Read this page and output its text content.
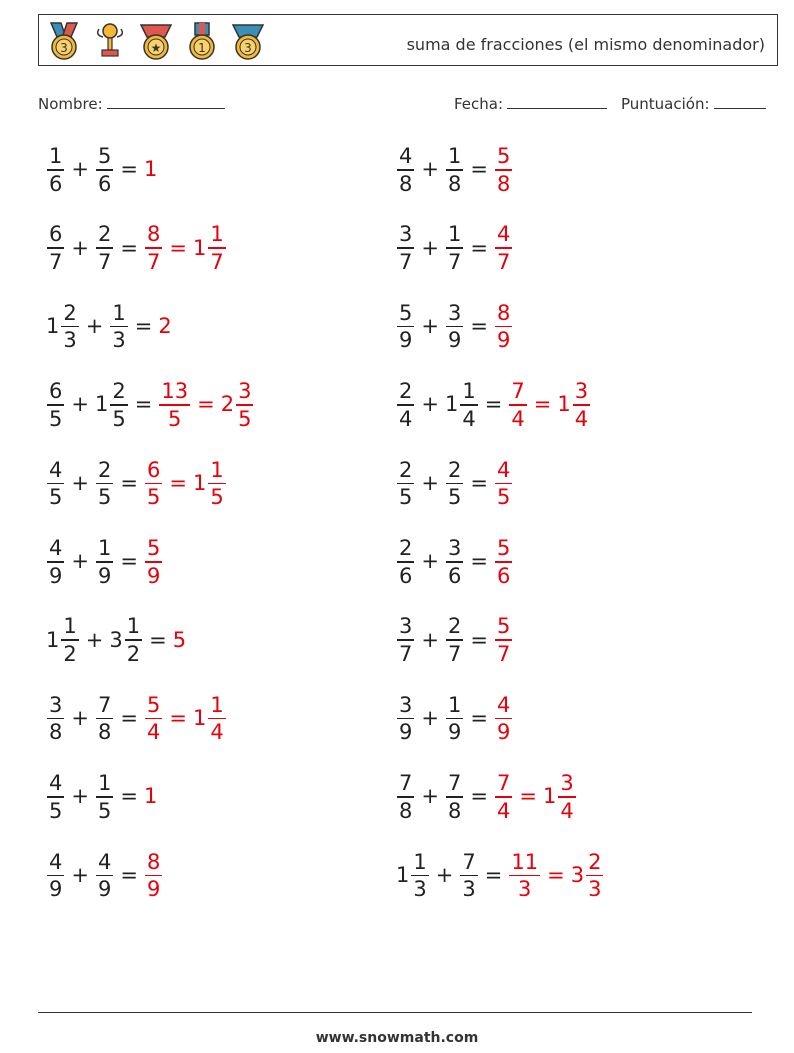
3	★	1	3	suma de fracciones (el mismo denominador)
Nombre:	Fecha:	Puntuación:
$\frac{1}{6} + \frac{5}{6} = 1$	$\frac{4}{8} + \frac{1}{8} = \frac{5}{8}$
$\frac{6}{7} + \frac{2}{7} = \frac{8}{7} = 1 \frac{1}{7}$	$\frac{3}{7} + \frac{1}{7} = \frac{4}{7}$
$1 \frac{2}{3} + \frac{1}{3} = 2$	$\frac{5}{9} + \frac{3}{9} = \frac{8}{9}$
$\frac{6}{5} + 1 \frac{2}{5} = \frac{13}{5} = 2 \frac{3}{5}$	$\frac{2}{4} + 1 \frac{1}{4} = \frac{7}{4} = 1 \frac{3}{4}$
$\frac{4}{5} + \frac{2}{5} = \frac{6}{5} = 1 \frac{1}{5}$	$\frac{2}{5} + \frac{2}{5} = \frac{4}{5}$
$\frac{4}{9} + \frac{1}{9} = \frac{5}{9}$	$\frac{2}{6} + \frac{3}{6} = \frac{5}{6}$
$1 \frac{1}{2} + 3 \frac{1}{2} = 5$	$\frac{3}{7} + \frac{2}{7} = \frac{5}{7}$
$\frac{3}{8} + \frac{7}{8} = \frac{5}{4} = 1 \frac{1}{4}$	$\frac{3}{9} + \frac{1}{9} = \frac{4}{9}$
$\frac{4}{5} + \frac{1}{5} = 1$	$\frac{7}{8} + \frac{7}{8} = \frac{7}{4} = 1 \frac{3}{4}$
$\frac{4}{9} + \frac{4}{9} = \frac{8}{9}$	$1 \frac{1}{3} + \frac{7}{3} = \frac{11}{3} = 3 \frac{2}{3}$
www.snowmath.com
